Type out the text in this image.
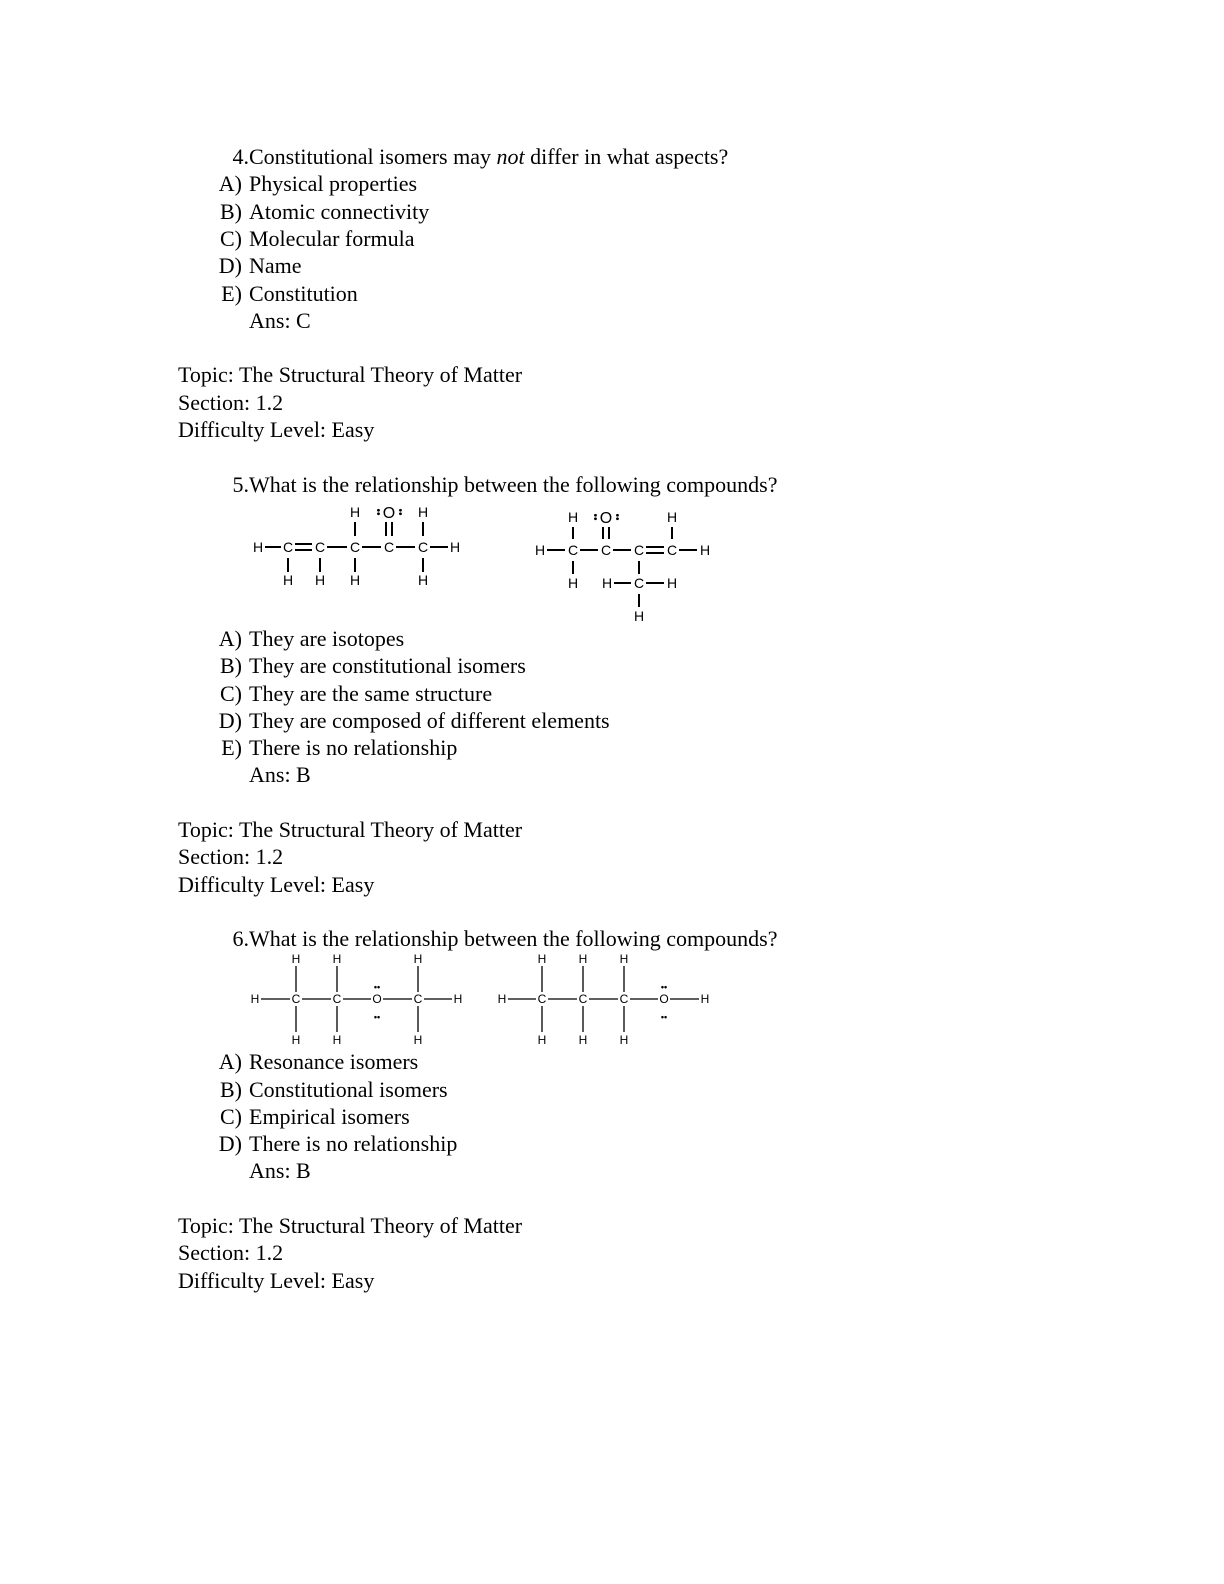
4. Constitutional isomers may not differ in what aspects?
A) Physical properties
B) Atomic connectivity
C) Molecular formula
D) Name
E) Constitution
Ans: C
Topic: The Structural Theory of Matter
Section: 1.2
Difficulty Level: Easy
5. What is the relationship between the following compounds?
H C C C C C H
H O
•• •• H
H H H	H
H C C C C H
H O
•• ••	H
H H C H
H
A) They are isotopes
B) They are constitutional isomers
C) They are the same structure
D) They are composed of different elements
E) There is no relationship
Ans: B
Topic: The Structural Theory of Matter
Section: 1.2
Difficulty Level: Easy
6. What is the relationship between the following compounds?
H	C	C	O
••
••
C	H
H	H	H
H	H	H
H	C	C	C	O
••
••
H
H	H	H
H	H	H
A) Resonance isomers
B) Constitutional isomers
C) Empirical isomers
D) There is no relationship
Ans: B
Topic: The Structural Theory of Matter
Section: 1.2
Difficulty Level: Easy
